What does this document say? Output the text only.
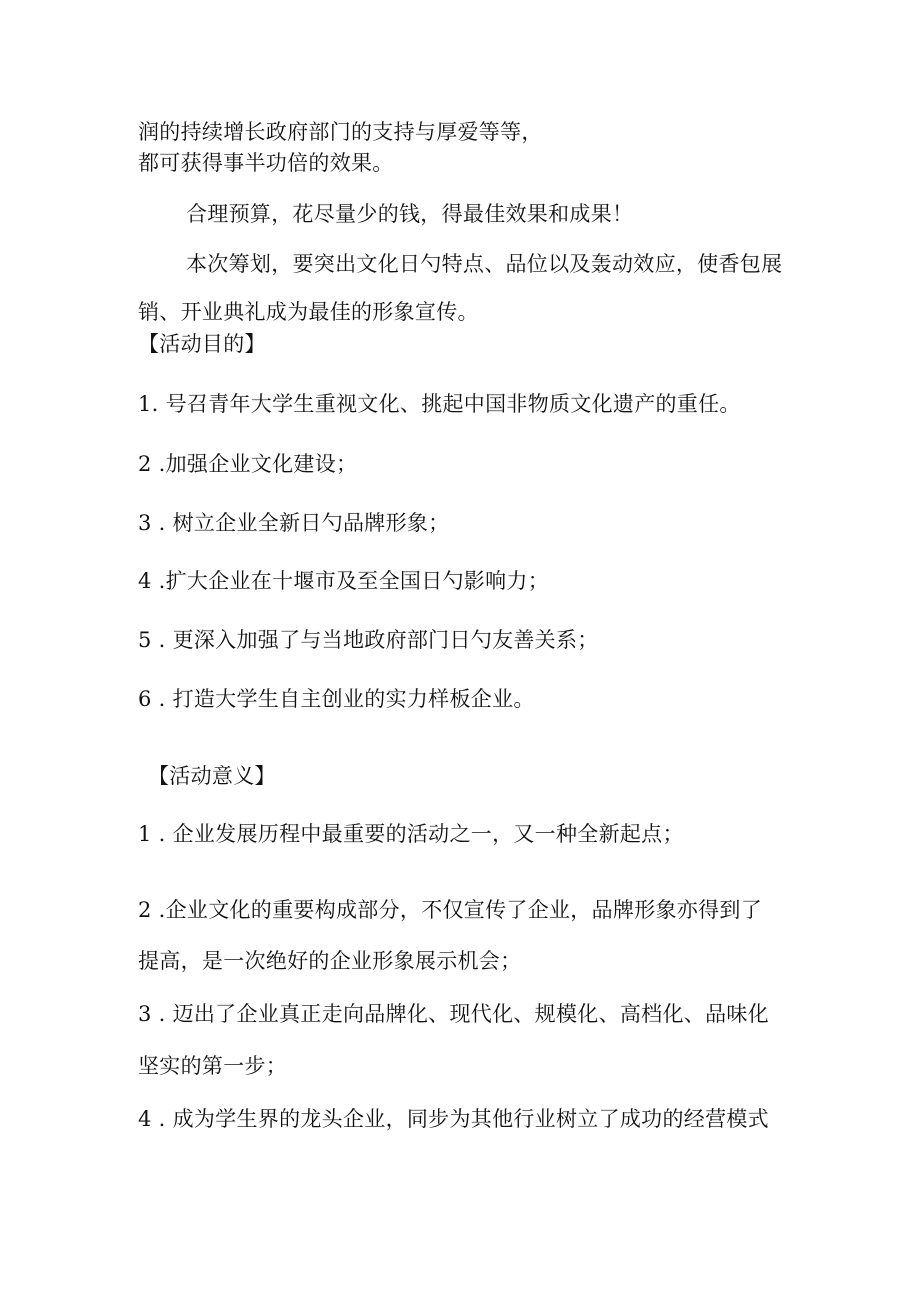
润的持续增长政府部门的支持与厚爱等等，
都可获得事半功倍的效果。
合理预算，花尽量少的钱，得最佳效果和成果！
本次筹划，要突出文化日勺特点、品位以及轰动效应，使香包展
销、开业典礼成为最佳的形象宣传。
【活动目的】
1. 号召青年大学生重视文化、挑起中国非物质文化遗产的重任。
2 .加强企业文化建设；
3 . 树立企业全新日勺品牌形象；
4 .扩大企业在十堰市及至全国日勺影响力；
5 . 更深入加强了与当地政府部门日勺友善关系；
6 . 打造大学生自主创业的实力样板企业。
【活动意义】
1 . 企业发展历程中最重要的活动之一，又一种全新起点；
2 .企业文化的重要构成部分，不仅宣传了企业，品牌形象亦得到了
提高，是一次绝好的企业形象展示机会；
3 . 迈出了企业真正走向品牌化、现代化、规模化、高档化、品味化
坚实的第一步；
4 . 成为学生界的龙头企业，同步为其他行业树立了成功的经营模式
